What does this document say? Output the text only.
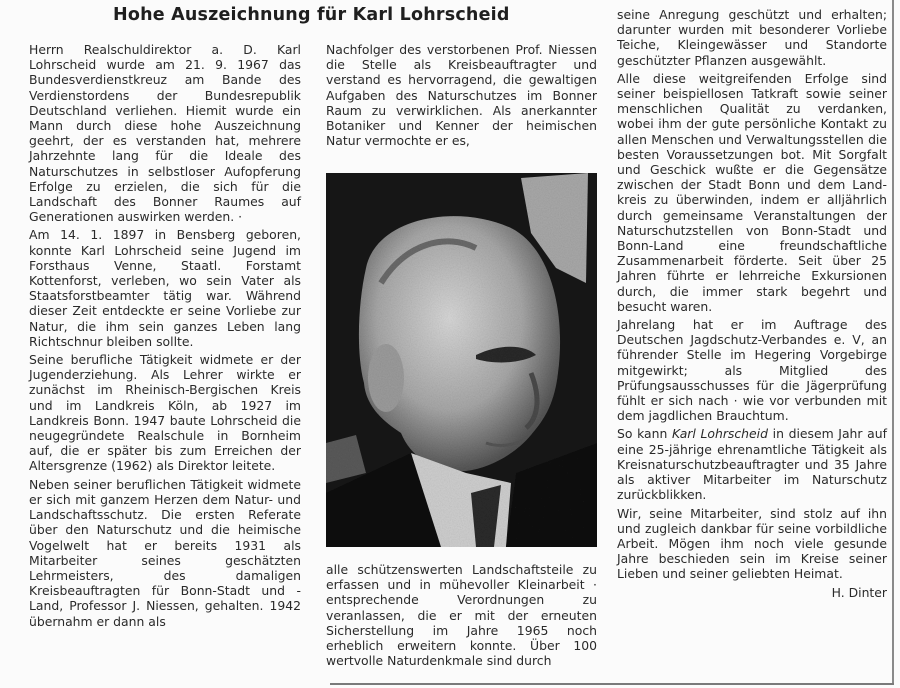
Hohe Auszeichnung für Karl Lohrscheid

Herrn Realschuldirektor a. D. Karl Lohrscheid wurde am 21. 9. 1967 das Bundesverdienstkreuz am Bande des Verdienstordens der Bundesrepublik Deutschland verliehen. Hiemit wurde ein Mann durch diese hohe Auszeichnung geehrt, der es verstanden hat, mehrere Jahrzehnte lang für die Ideale des Naturschutzes in selbstloser Aufopferung Erfolge zu erzielen, die sich für die Landschaft des Bonner Raumes auf Generationen auswirken werden. ·

Am 14. 1. 1897 in Bensberg geboren, konnte Karl Lohrscheid seine Jugend im Forsthaus Venne, Staatl. Forstamt Kottenforst, verleben, wo sein Vater als Staatsforstbeamter tätig war. Während dieser Zeit entdeckte er seine Vorliebe zur Natur, die ihm sein ganzes Leben lang Richtschnur bleiben sollte.

Seine berufliche Tätigkeit widmete er der Jugenderziehung. Als Lehrer wirkte er zunächst im Rheinisch-Bergischen Kreis und im Landkreis Köln, ab 1927 im Landkreis Bonn. 1947 baute Lohrscheid die neugegründete Realschule in Bornheim auf, die er später bis zum Erreichen der Altersgrenze (1962) als Direktor leitete.

Neben seiner beruflichen Tätigkeit widmete er sich mit ganzem Herzen dem Natur- und Landschaftsschutz. Die ersten Referate über den Naturschutz und die heimische Vogelwelt hat er bereits 1931 als Mitarbeiter seines geschätzten Lehrmeisters, des damaligen Kreisbeauftragten für Bonn-Stadt und -Land, Professor J. Niessen, gehalten. 1942 übernahm er dann als

Nachfolger des verstorbenen Prof. Niessen die Stelle als Kreisbeauftragter und verstand es hervorragend, die gewaltigen Aufgaben des Naturschutzes im Bonner Raum zu verwirklichen. Als anerkannter Botaniker und Kenner der heimischen Natur vermochte er es,

alle schützenswerten Landschaftsteile zu erfassen und in mühevoller Kleinarbeit · entsprechende Verordnungen zu veranlassen, die er mit der erneuten Sicherstellung im Jahre 1965 noch erheblich erweitern konnte. Über 100 wertvolle Naturdenkmale sind durch

seine Anregung geschützt und erhalten; darunter wurden mit besonderer Vorliebe Teiche, Kleingewässer und Standorte geschützter Pflanzen ausgewählt.

Alle diese weitgreifenden Erfolge sind seiner beispiellosen Tatkraft sowie seiner menschlichen Qualität zu verdanken, wobei ihm der gute persönliche Kontakt zu allen Menschen und Verwaltungsstellen die besten Voraussetzungen bot. Mit Sorgfalt und Geschick wußte er die Gegensätze zwischen der Stadt Bonn und dem Landkreis zu überwinden, indem er alljährlich durch gemeinsame Veranstaltungen der Naturschutzstellen von Bonn-Stadt und Bonn-Land eine freundschaftliche Zusammenarbeit förderte. Seit über 25 Jahren führte er lehrreiche Exkursionen durch, die immer stark begehrt und besucht waren.

Jahrelang hat er im Auftrage des Deutschen Jagdschutz-Verbandes e. V, an führender Stelle im Hegering Vorgebirge mitgewirkt; als Mitglied des Prüfungsausschusses für die Jägerprüfung fühlt er sich nach · wie vor verbunden mit dem jagdlichen Brauchtum.

So kann Karl Lohrscheid in diesem Jahr auf eine 25-jährige ehrenamtliche Tätigkeit als Kreisnaturschutzbeauftragter und 35 Jahre als aktiver Mitarbeiter im Naturschutz zurückblikken.

Wir, seine Mitarbeiter, sind stolz auf ihn und zugleich dankbar für seine vorbildliche Arbeit. Mögen ihm noch viele gesunde Jahre beschieden sein im Kreise seiner Lieben und seiner geliebten Heimat.

H. Dinter
